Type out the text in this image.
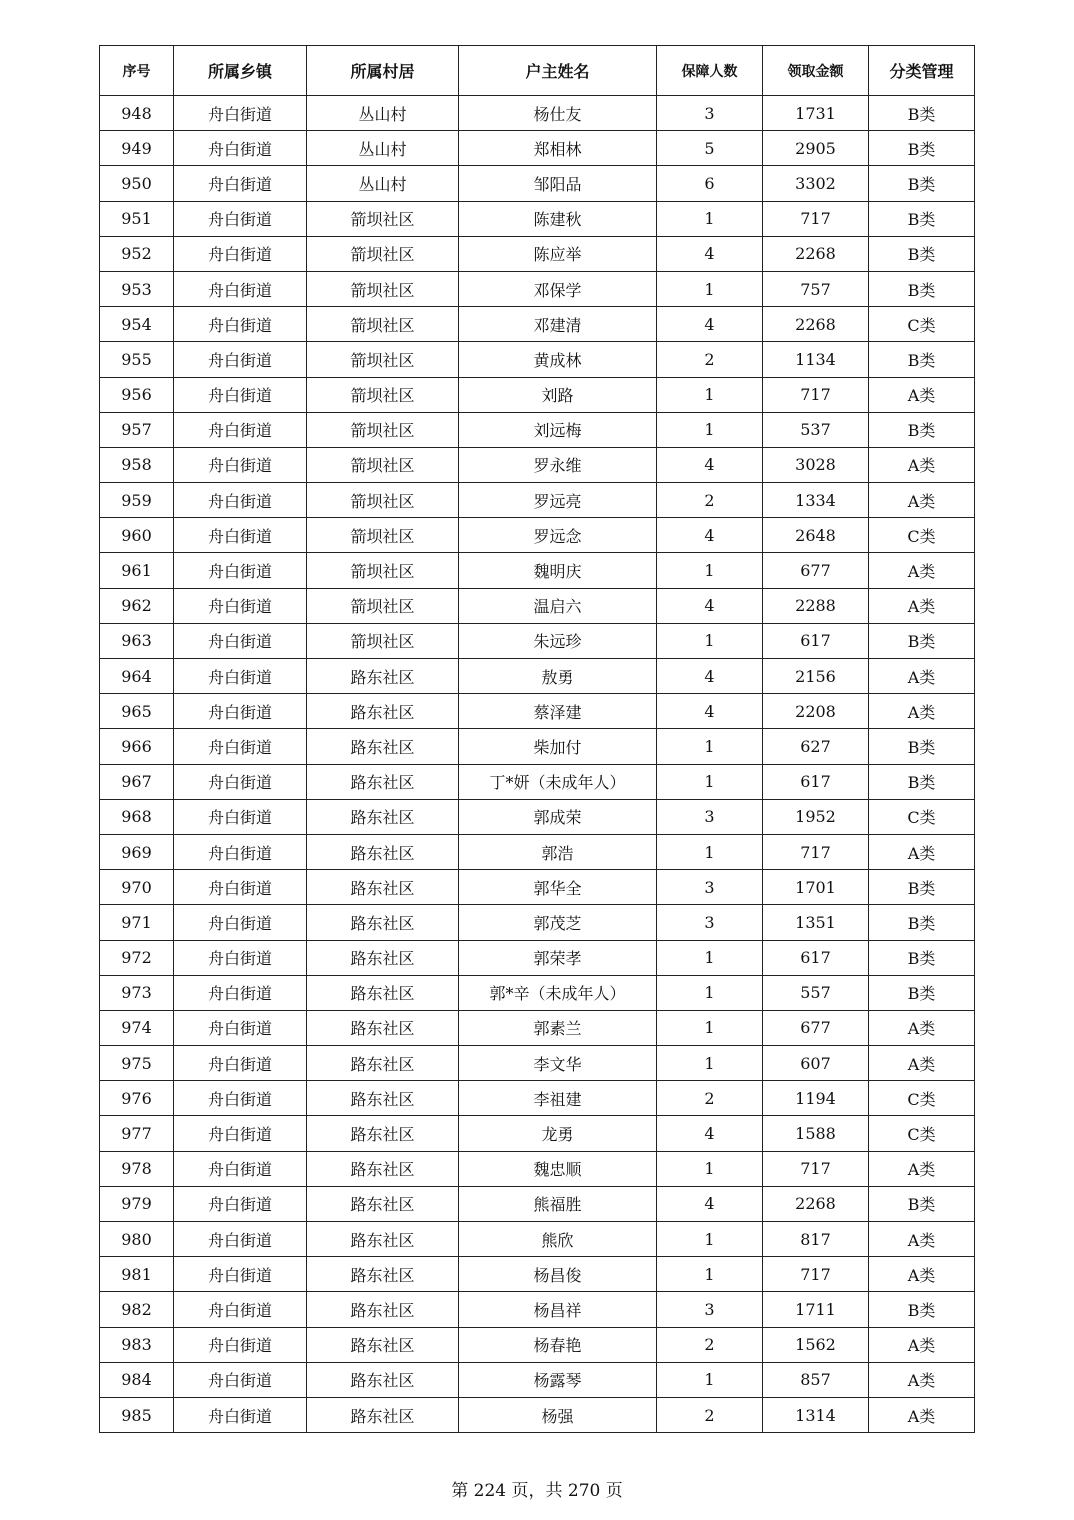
序号	所属乡镇	所属村居	户主姓名	保障人数	领取金额	分类管理
948	舟白街道	丛山村	杨仕友	3	1731	B类
949	舟白街道	丛山村	郑相林	5	2905	B类
950	舟白街道	丛山村	邹阳品	6	3302	B类
951	舟白街道	箭坝社区	陈建秋	1	717	B类
952	舟白街道	箭坝社区	陈应举	4	2268	B类
953	舟白街道	箭坝社区	邓保学	1	757	B类
954	舟白街道	箭坝社区	邓建清	4	2268	C类
955	舟白街道	箭坝社区	黄成林	2	1134	B类
956	舟白街道	箭坝社区	刘路	1	717	A类
957	舟白街道	箭坝社区	刘远梅	1	537	B类
958	舟白街道	箭坝社区	罗永维	4	3028	A类
959	舟白街道	箭坝社区	罗远亮	2	1334	A类
960	舟白街道	箭坝社区	罗远念	4	2648	C类
961	舟白街道	箭坝社区	魏明庆	1	677	A类
962	舟白街道	箭坝社区	温启六	4	2288	A类
963	舟白街道	箭坝社区	朱远珍	1	617	B类
964	舟白街道	路东社区	敖勇	4	2156	A类
965	舟白街道	路东社区	蔡泽建	4	2208	A类
966	舟白街道	路东社区	柴加付	1	627	B类
967	舟白街道	路东社区	丁*妍（未成年人）	1	617	B类
968	舟白街道	路东社区	郭成荣	3	1952	C类
969	舟白街道	路东社区	郭浩	1	717	A类
970	舟白街道	路东社区	郭华全	3	1701	B类
971	舟白街道	路东社区	郭茂芝	3	1351	B类
972	舟白街道	路东社区	郭荣孝	1	617	B类
973	舟白街道	路东社区	郭*辛（未成年人）	1	557	B类
974	舟白街道	路东社区	郭素兰	1	677	A类
975	舟白街道	路东社区	李文华	1	607	A类
976	舟白街道	路东社区	李祖建	2	1194	C类
977	舟白街道	路东社区	龙勇	4	1588	C类
978	舟白街道	路东社区	魏忠顺	1	717	A类
979	舟白街道	路东社区	熊福胜	4	2268	B类
980	舟白街道	路东社区	熊欣	1	817	A类
981	舟白街道	路东社区	杨昌俊	1	717	A类
982	舟白街道	路东社区	杨昌祥	3	1711	B类
983	舟白街道	路东社区	杨春艳	2	1562	A类
984	舟白街道	路东社区	杨露琴	1	857	A类
985	舟白街道	路东社区	杨强	2	1314	A类
第 224 页，共 270 页
